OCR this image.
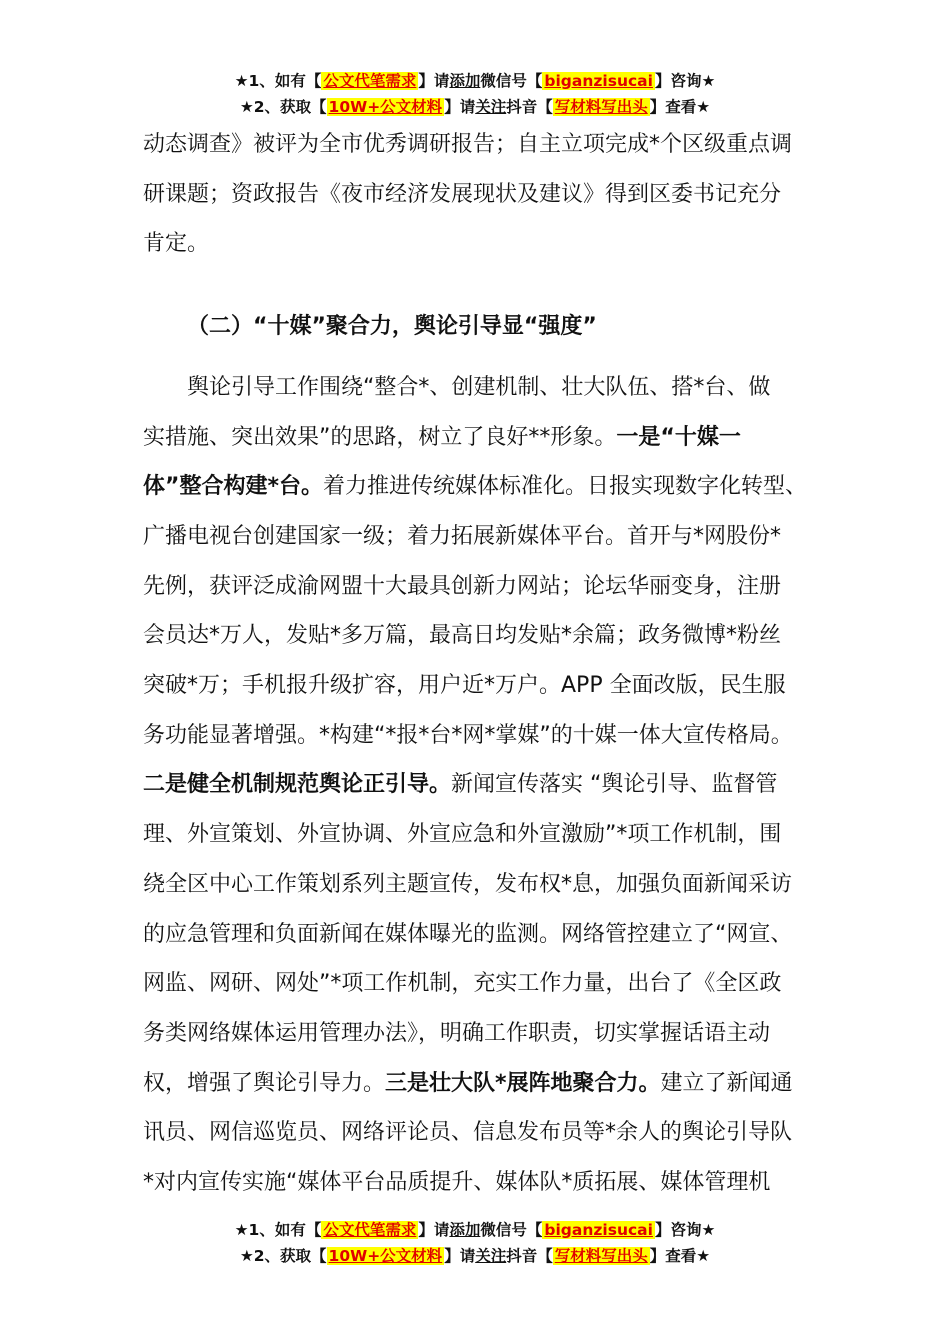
★1、如有【 公文代笔需求 】请添加微信号【 biganzisucai 】咨询★
★2、获取【 10W+公文材料 】请关注抖音【 写材料写出头 】查看★

动态调查》被评为全市优秀调研报告；自主立项完成*个区级重点调

研课题；资政报告《夜市经济发展现状及建议》得到区委书记充分

肯定。

（二）“十媒”聚合力，舆论引导显“强度”

舆论引导工作围绕“整合*、创建机制、壮大队伍、搭*台、做

实措施、突出效果”的思路，树立了良好**形象。一是“十媒一

体”整合构建*台。着力推进传统媒体标准化。日报实现数字化转型、

广播电视台创建国家一级；着力拓展新媒体平台。首开与*网股份*

先例，获评泛成渝网盟十大最具创新力网站；论坛华丽变身，注册

会员达*万人，发贴*多万篇，最高日均发贴*余篇；政务微博*粉丝

突破*万；手机报升级扩容，用户近*万户。APP 全面改版，民生服

务功能显著增强。*构建“*报*台*网*掌媒”的十媒一体大宣传格局。

二是健全机制规范舆论正引导。新闻宣传落实 “舆论引导、监督管

理、外宣策划、外宣协调、外宣应急和外宣激励”*项工作机制，围

绕全区中心工作策划系列主题宣传，发布权*息，加强负面新闻采访

的应急管理和负面新闻在媒体曝光的监测。网络管控建立了“网宣、

网监、网研、网处”*项工作机制，充实工作力量，出台了《全区政

务类网络媒体运用管理办法》，明确工作职责，切实掌握话语主动

权，增强了舆论引导力。三是壮大队*展阵地聚合力。建立了新闻通

讯员、网信巡览员、网络评论员、信息发布员等*余人的舆论引导队

*对内宣传实施“媒体平台品质提升、媒体队*质拓展、媒体管理机

★1、如有【 公文代笔需求 】请添加微信号【 biganzisucai 】咨询★
★2、获取【 10W+公文材料 】请关注抖音【 写材料写出头 】查看★
